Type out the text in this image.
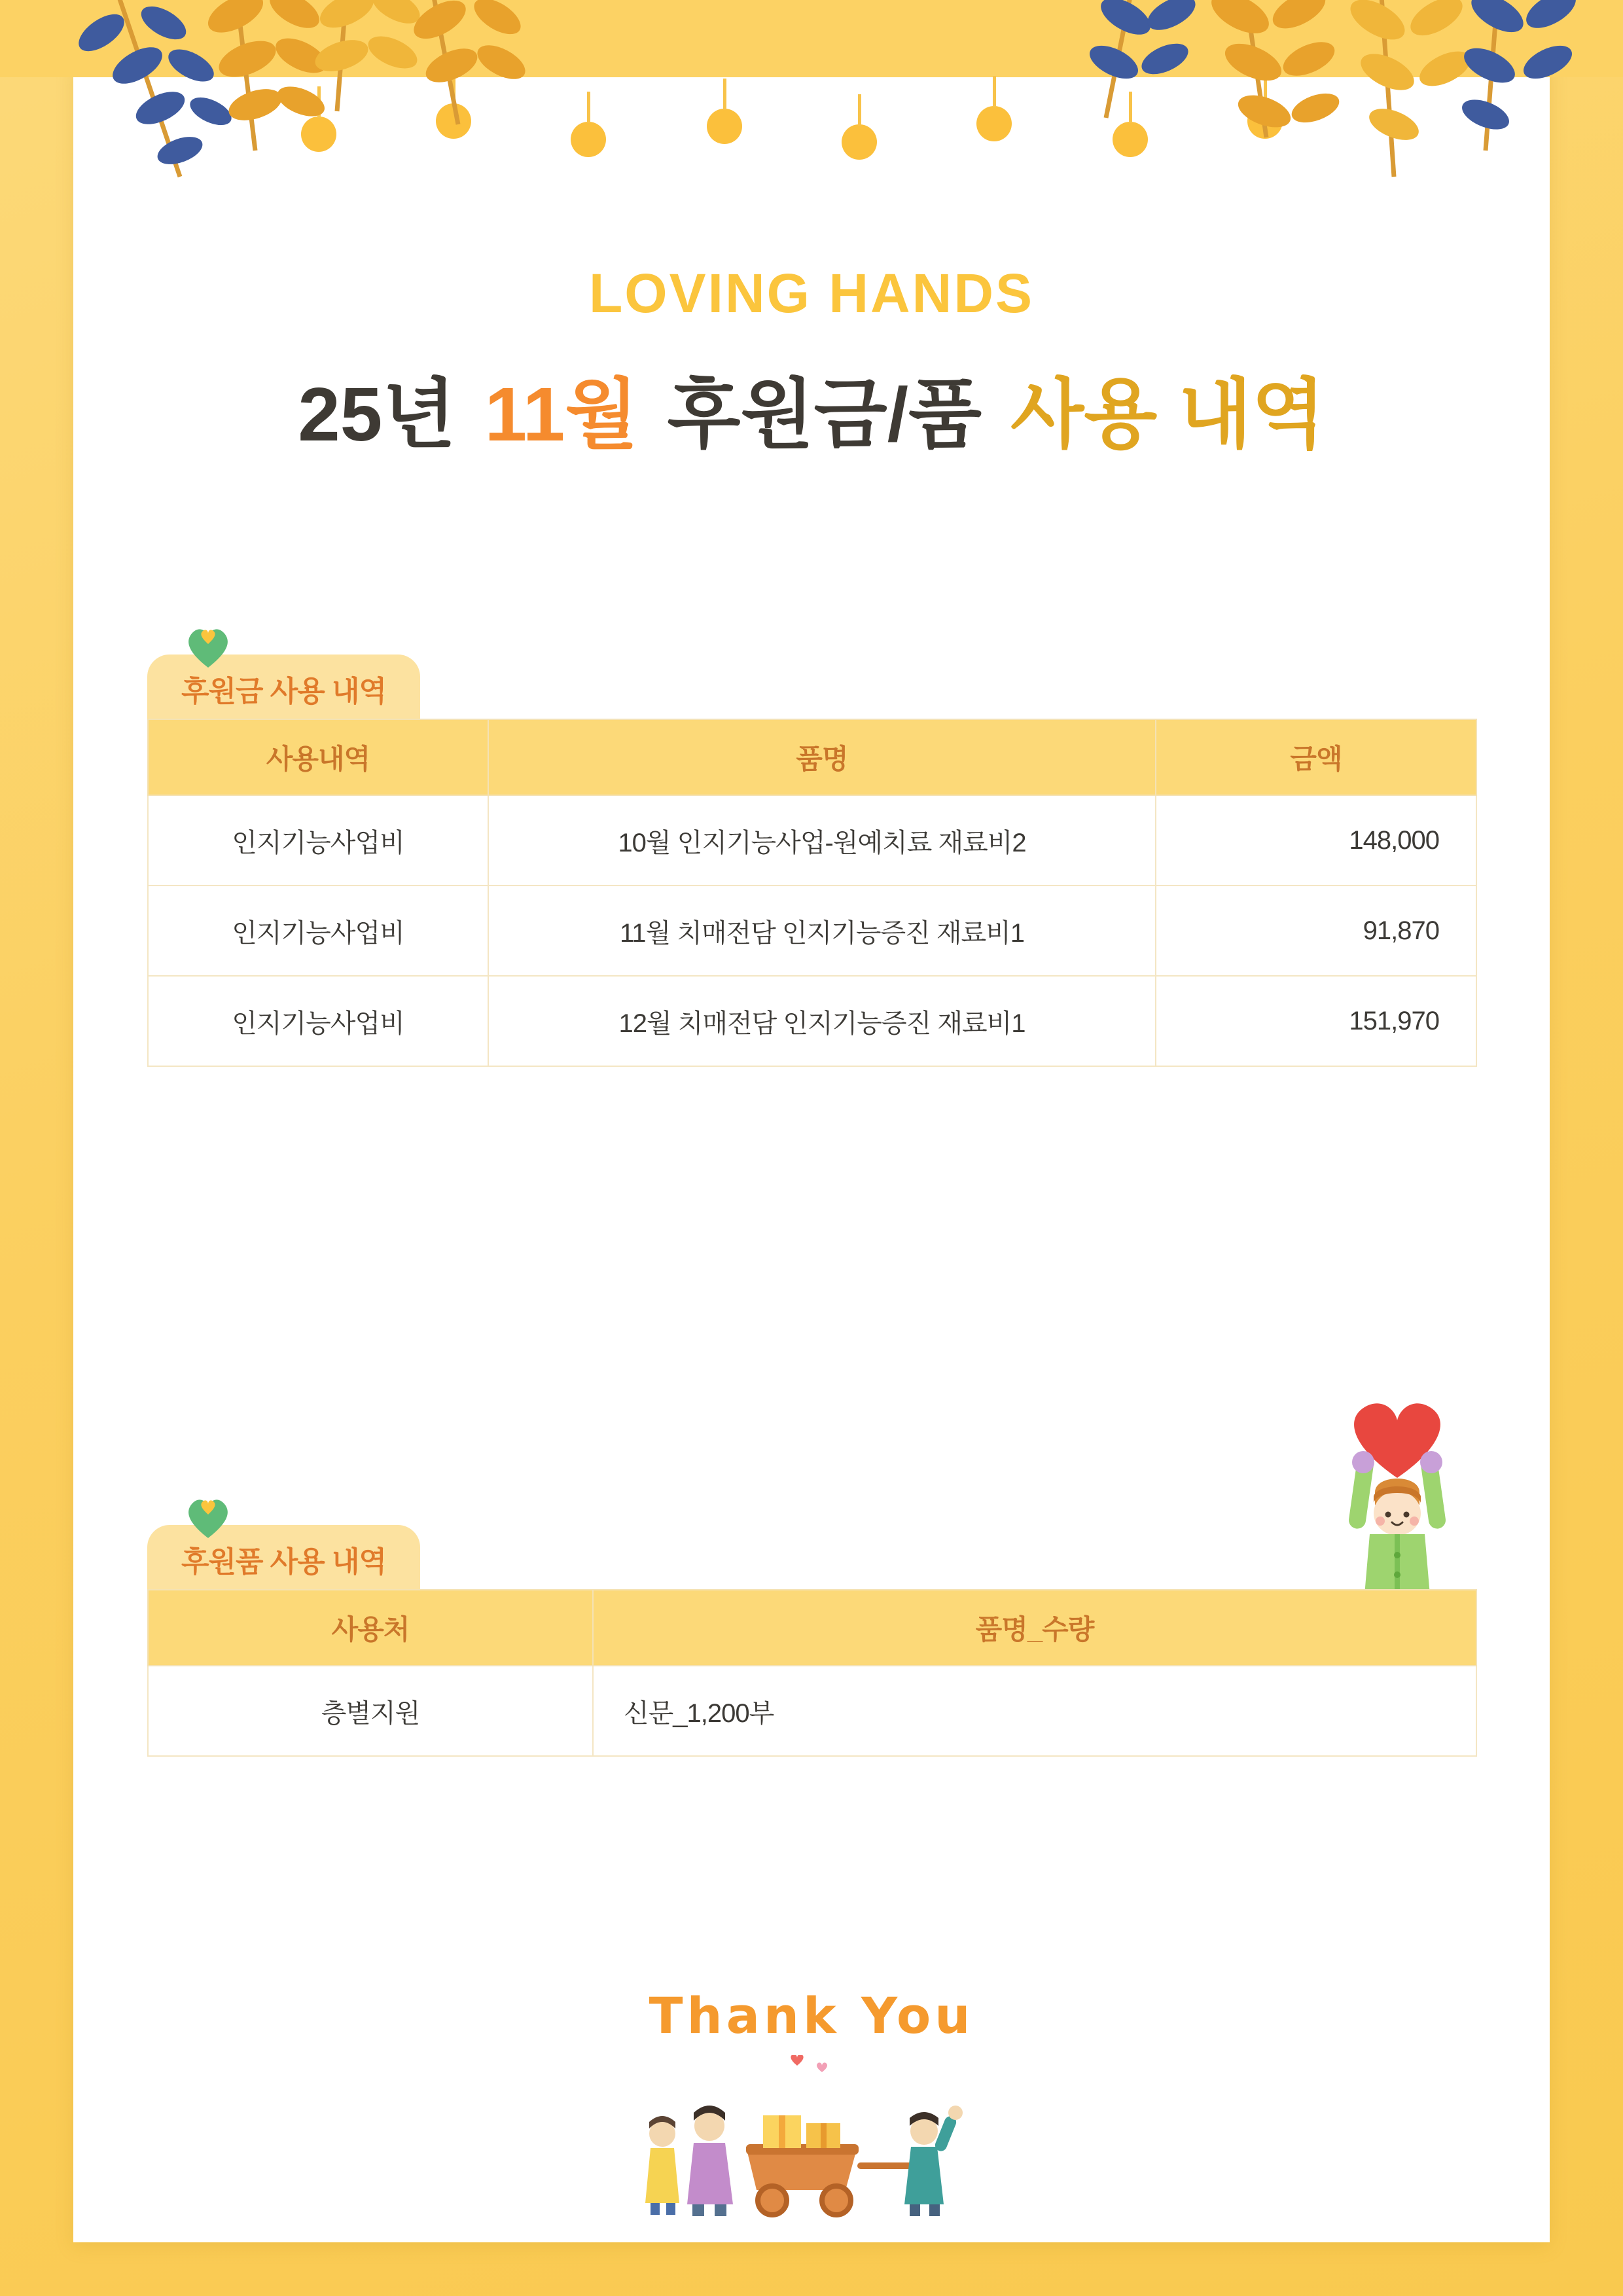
LOVING HANDS
25년 11월 후원금/품 사용 내역
후원금 사용 내역
사용내역	품명	금액
인지기능사업비	10월 인지기능사업-원예치료 재료비2	148,000
인지기능사업비	11월 치매전담 인지기능증진 재료비1	91,870
인지기능사업비	12월 치매전담 인지기능증진 재료비1	151,970
후원품 사용 내역
사용처	품명_수량
층별지원	신문_1,200부
Thank You
